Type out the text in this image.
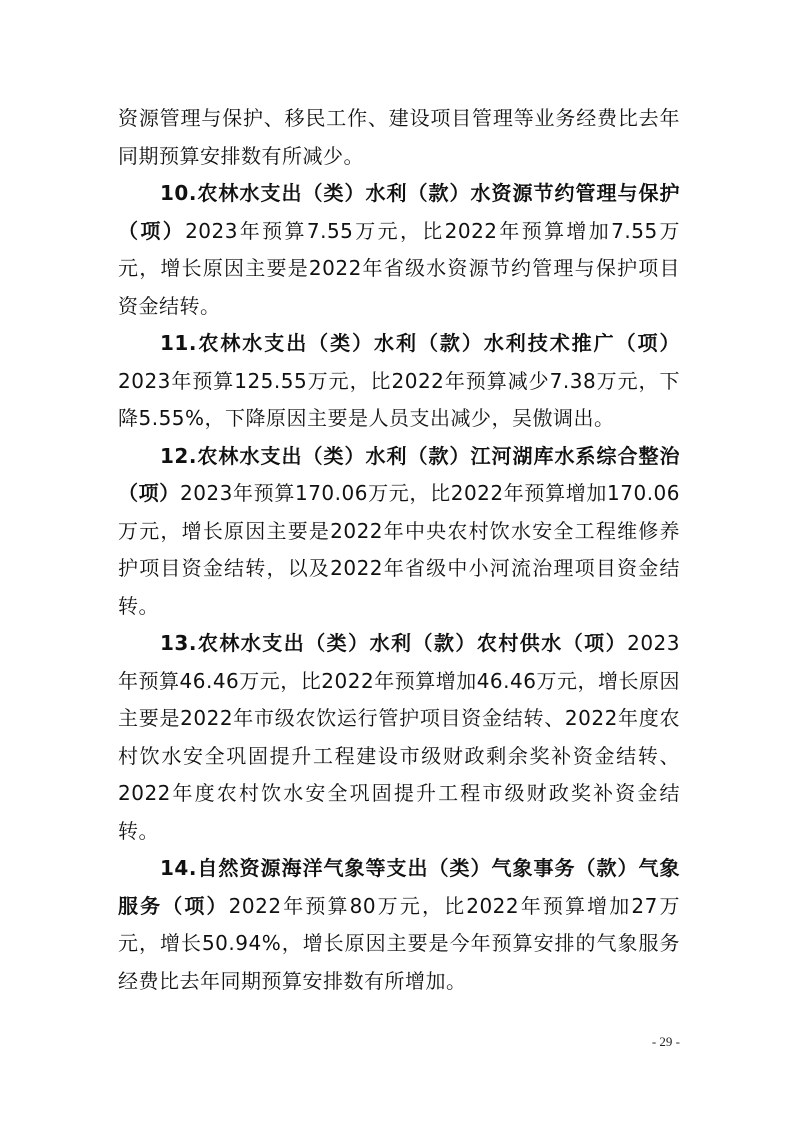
资源管理与保护、移民工作、建设项目管理等业务经费比去年同期预算安排数有所减少。

10.农林水支出（类）水利（款）水资源节约管理与保护（项）2023年预算7.55万元，比2022年预算增加7.55万元，增长原因主要是2022年省级水资源节约管理与保护项目资金结转。

11.农林水支出（类）水利（款）水利技术推广（项）2023年预算125.55万元，比2022年预算减少7.38万元，下降5.55%，下降原因主要是人员支出减少，吴傲调出。

12.农林水支出（类）水利（款）江河湖库水系综合整治（项）2023年预算170.06万元，比2022年预算增加170.06万元，增长原因主要是2022年中央农村饮水安全工程维修养护项目资金结转，以及2022年省级中小河流治理项目资金结转。

13.农林水支出（类）水利（款）农村供水（项）2023年预算46.46万元，比2022年预算增加46.46万元，增长原因主要是2022年市级农饮运行管护项目资金结转、2022年度农村饮水安全巩固提升工程建设市级财政剩余奖补资金结转、2022年度农村饮水安全巩固提升工程市级财政奖补资金结转。

14.自然资源海洋气象等支出（类）气象事务（款）气象服务（项）2022年预算80万元，比2022年预算增加27万元，增长50.94%，增长原因主要是今年预算安排的气象服务经费比去年同期预算安排数有所增加。

- 29 -
